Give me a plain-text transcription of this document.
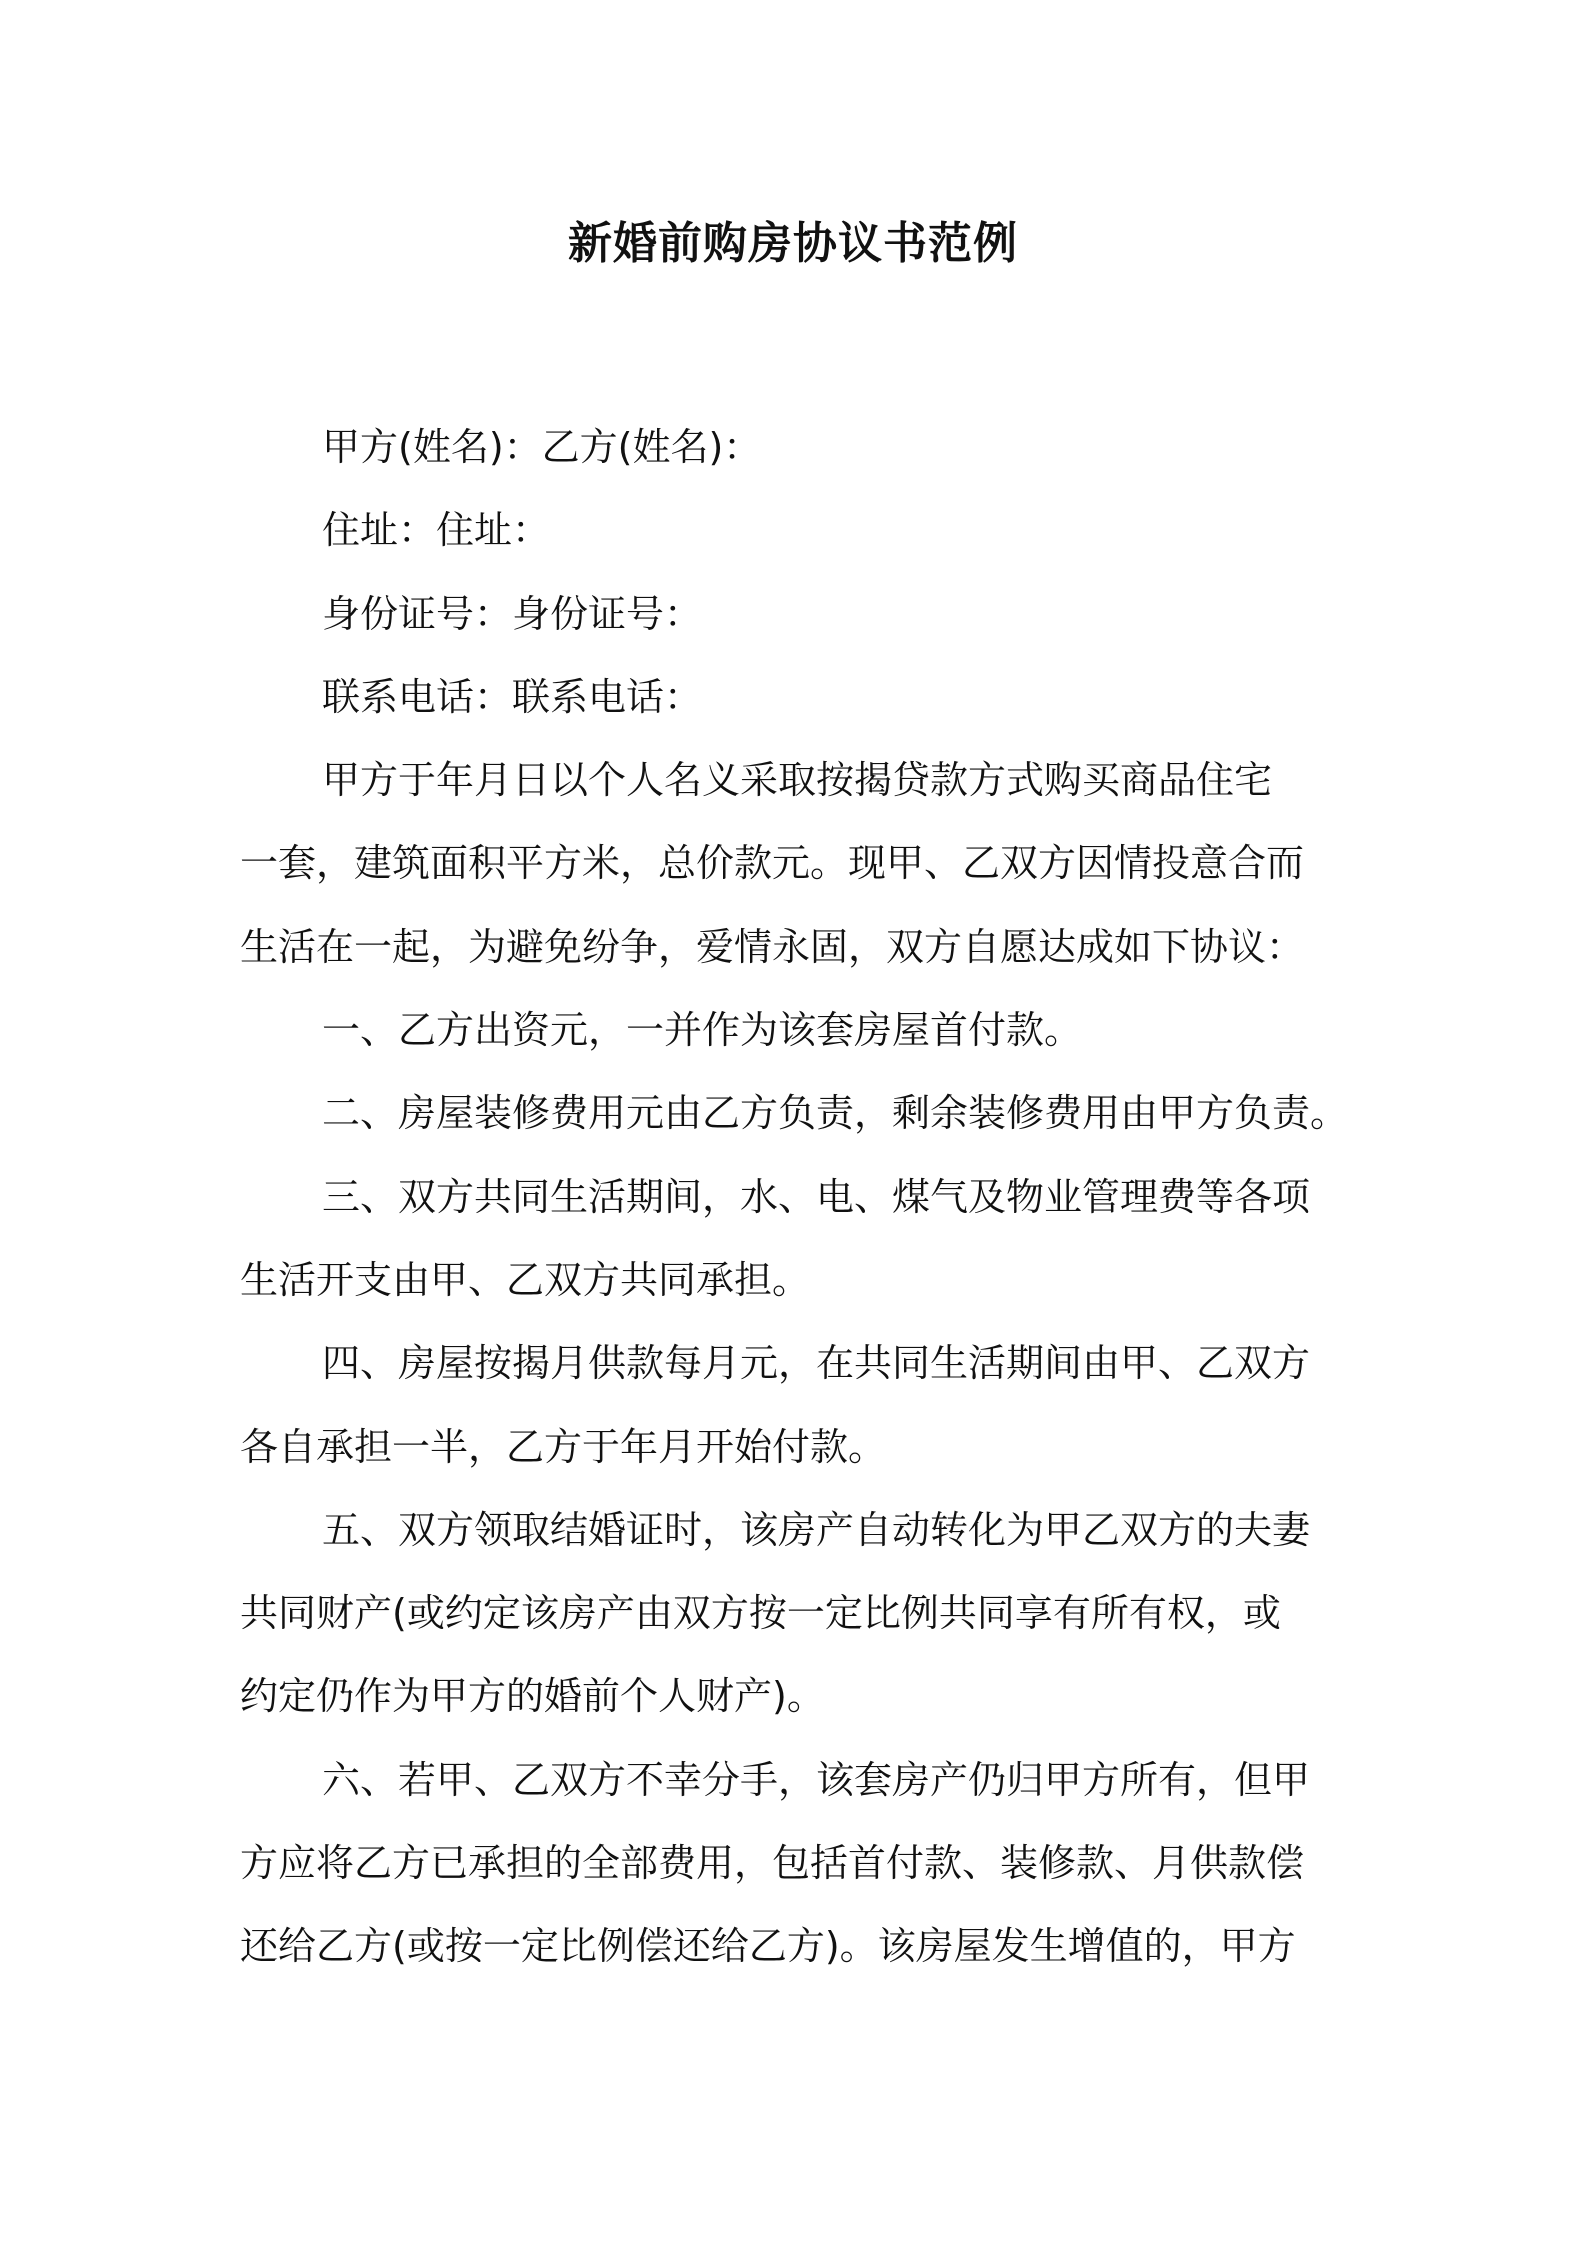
新婚前购房协议书范例
甲方(姓名)：乙方(姓名)：
住址：住址：
身份证号：身份证号：
联系电话：联系电话：
甲方于年月日以个人名义采取按揭贷款方式购买商品住宅
一套，建筑面积平方米，总价款元。现甲、乙双方因情投意合而
生活在一起，为避免纷争，爱情永固，双方自愿达成如下协议：
一、乙方出资元，一并作为该套房屋首付款。
二、房屋装修费用元由乙方负责，剩余装修费用由甲方负责。
三、双方共同生活期间，水、电、煤气及物业管理费等各项
生活开支由甲、乙双方共同承担。
四、房屋按揭月供款每月元，在共同生活期间由甲、乙双方
各自承担一半，乙方于年月开始付款。
五、双方领取结婚证时，该房产自动转化为甲乙双方的夫妻
共同财产(或约定该房产由双方按一定比例共同享有所有权，或
约定仍作为甲方的婚前个人财产)。
六、若甲、乙双方不幸分手，该套房产仍归甲方所有，但甲
方应将乙方已承担的全部费用，包括首付款、装修款、月供款偿
还给乙方(或按一定比例偿还给乙方)。该房屋发生增值的，甲方
